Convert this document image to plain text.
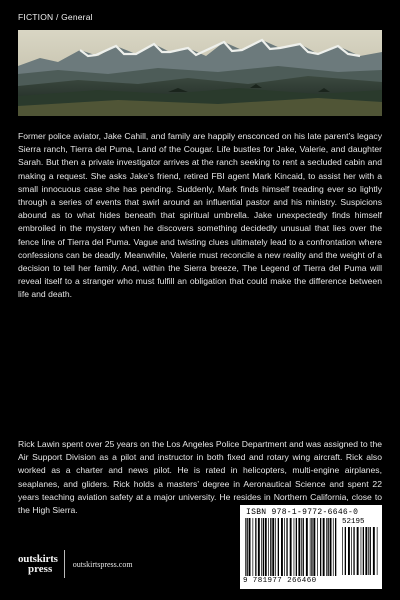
FICTION / General

Former police aviator, Jake Cahill, and family are happily ensconced on his late parent’s legacy Sierra ranch, Tierra del Puma, Land of the Cougar. Life bustles for Jake, Valerie, and daughter Sarah. But then a private investigator arrives at the ranch seeking to rent a secluded cabin and making a request. She asks Jake’s friend, retired FBI agent Mark Kincaid, to assist her with a small innocuous case she has pending. Suddenly, Mark finds himself treading ever so lightly through a series of events that swirl around an influential pastor and his ministry. Suspicions abound as to what hides beneath that spiritual umbrella. Jake unexpectedly finds himself embroiled in the mystery when he discovers something decidedly unusual that lies over the fence line of Tierra del Puma. Vague and twisting clues ultimately lead to a confrontation where confessions can be deadly. Meanwhile, Valerie must reconcile a new reality and the weight of a decision to tell her family. And, within the Sierra breeze, The Legend of Tierra del Puma will reveal itself to a stranger who must fulfill an obligation that could make the difference between life and death.

Rick Lawin spent over 25 years on the Los Angeles Police Department and was assigned to the Air Support Division as a pilot and instructor in both fixed and rotary wing aircraft. Rick also worked as a charter and news pilot. He is rated in helicopters, multi-engine airplanes, seaplanes, and gliders. Rick holds a masters’ degree in Aeronautical Science and spent 22 years teaching aviation safety at a major university. He resides in Northern California, close to the High Sierra.

outskirts
press	outskirtspress.com
ISBN 978-1-9772-6646-0
52195
9 781977 266460
